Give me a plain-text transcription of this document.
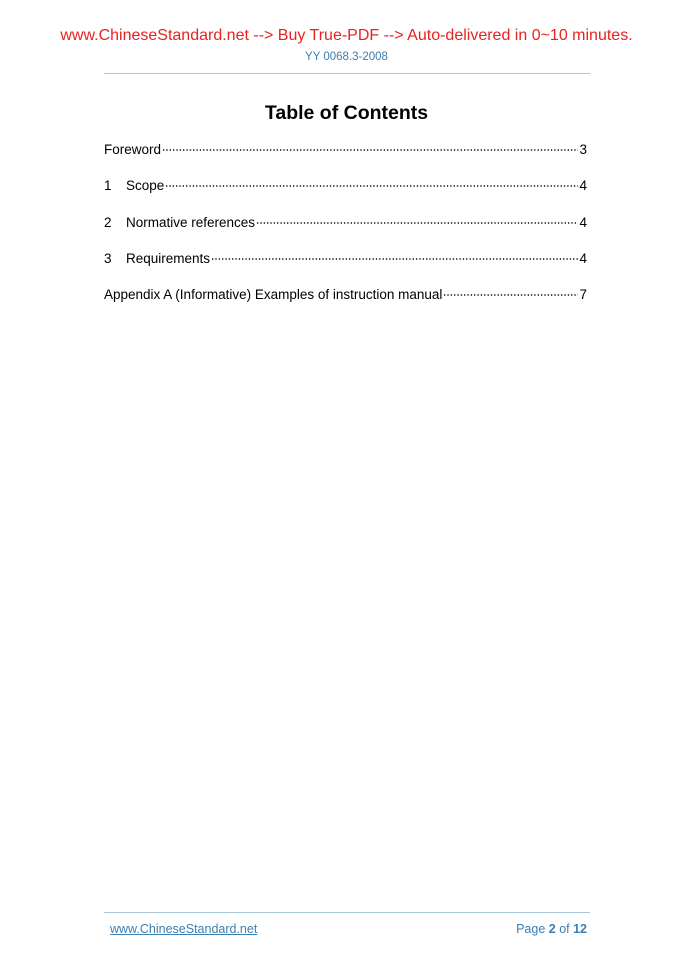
www.ChineseStandard.net --> Buy True-PDF --> Auto-delivered in 0~10 minutes.
YY 0068.3-2008
Table of Contents
Foreword	3
1	Scope	4
2	Normative references	4
3	Requirements	4
Appendix A (Informative) Examples of instruction manual	7
www.ChineseStandard.net	Page 2 of 12
